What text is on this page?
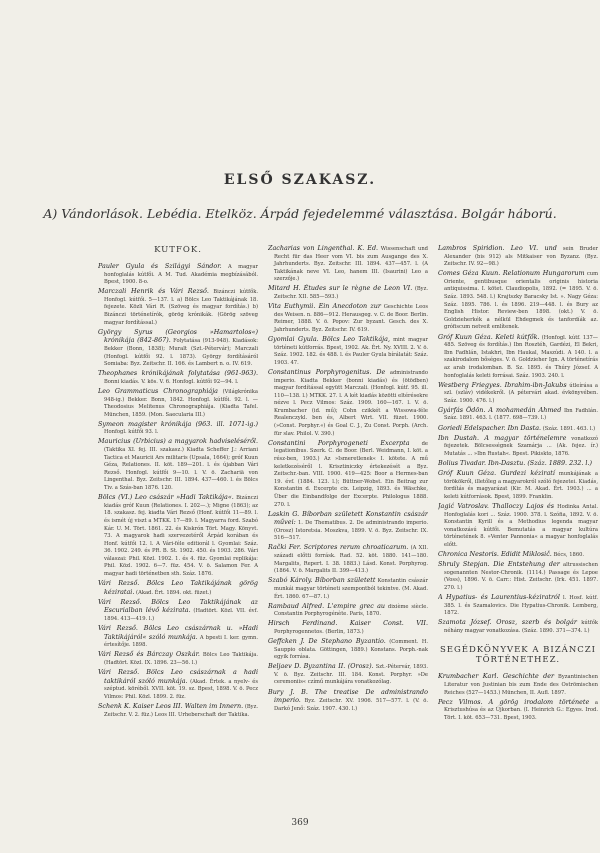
ELSŐ SZAKASZ.
A) Vándorlások. Lebédia. Etelköz. Árpád fejedelemmé választása. Bolgár háború.
KÚTFŐK.

Pauler Gyula és Szilágyi Sándor. A magyar honfoglalás kútfői. A M. Tud. Akadémia megbízásából. Bpest, 1900. 8-o.

Marczali Henrik és Vári Rezső. Bizánczi kútfők. Honfogl. kútfői. 5—137. l. a) Bölcs Leo Taktikájának 18. fejezete. Közli Vári R. (Szöveg és magyar fordítás.) b) Bizánczi történetírók, görög krónikák. (Görög szöveg magyar fordítással.)

György Syrus (Georgios »Hamartolos«) krónikája (842-867). Folytatása (913-948). Kiadások: Bekker (Bonn, 1838); Muralt (Szt.-Pétervár); Marczali (Honfogl. kútfői 92. l. 1873). György fordításáról Somiaba: Byz. Zeitschr. II. 166. és Lambert n. o. IV. 619.

Theophanes krónikájának folytatása (961-963). Bonni kiadás. V. kös. V. 6. Honfogl. kútfői 92—94. l.

Leo Grammaticus Chronographiája (Világkrónika 948-ig.) Bekker. Bonn, 1842. Honfogl. kútfői. 92. l. — Theodosius Melitenus Chronographiája. (Kiadta Tafel. München, 1859. (Mon. Saecularia III.)

Symeon magister krónikája (963. ill. 1071-ig.) Honfogl. kútfői 93. l.

Mauricius (Urbicius) a magyarok hadviseléséről. (Taktika XI. fej. III. szakasz.) Kiadta Scheffer J.: Arriani Tactica et Mauricii Ars militaris (Upsala, 1664); gróf Kuun Géza, Relationes. II. köt. 189—201. l. és újabban Vári Rezső. Honfogl. kútfői 9—10. l. V. ö. Zachariä von Lingenthal. Byz. Zeitschr. III. 1894. 437—460. l. és Bölcs Tiv. a Szás-ban 1876. 120.

Bölcs (VI.) Leo császár »Hadi Taktikája«. Bizánczi kiadás gróf Kuun (Relationes. I. 202—.); Migne (1863); az 18. szakasz. fej. kiadta Vári Rezső (Honf. kútfői 11—89. l. és ismét új viszt a MTKK. 17—89. l. Magyarra ford. Szabó Kár. U. M. Tört. 1861. 22. és Kiskrón Tört. Magy. Könyvt. 73. A magyarok hadi szervezetéről Árpád korában és Honf. kútfői 12. l. A Vári-féle editiorál l. Gyomlai: Száz. 36. 1902. 249. és PR. B. St. 1902. 450. és 1903. 286. Vári válaszai: Phil. Közl. 1902. 1. és 4. füz. Gyomlai replikája: Phil. Közl. 1902. 6—7. füz. 454. V. ö. Salamon Fer. A magyar hadi történetben sth. Száz. 1876.

Vári Rezső. Bölcs Leo Taktikájának görög kéziratai. (Akad. Ért. 1894. okt. füzet.)

Vári Rezső. Bölcs Leo Taktikájának az Escurialban lévő kézirata. (Hadtört. Közl. VII. évf. 1894. 413—419. l.)

Vári Rezső. Bölcs Leo császárnak u. »Hadi Taktikájáról« szóló munkája. A bpesti I. ker. gymn. értesítője. 1898.

Vári Rezső és Bárczay Oszkár. Bölcs Leo Taktikája. (Hadtört. Közl. IX. 1896. 23—56. l.)

Vári Rezső. Bölcs Leo császárnak a hadi taktikáról szóló munkája. (Akad. Értek. a nyelv- és széptud. köréből. XVII. köt. 19. sz. Bpest, 1898. V. ö. Pecz Vilmos: Phil. Közl. 1899. 2. füz.

Schenk K. Kaiser Leos III. Walten im Innern. (Byz. Zeitschr. V. 2. füz.) Leos III. Urheberschaft der Taktika.

Zacharias von Lingenthal. K. Ed. Wissenschaft und Recht für das Heer vom VI. bis zum Ausgange des X. Jahrhunderts. Byz. Zeitschr. III. 1894. 437—457. l. (A Taktikának neve VI. Leo, hanem III. (Isaurini) Leo a szerzője.)

Mitard H. Études sur le règne de Leon VI. (Byz. Zeitschr. XII. 585—593.)

Vita Euthymii. Ein Anecdoton zur Geschichte Leos des Weisen. n. 886—912. Herausgeg. v. C. de Boor. Berlin. Reimer, 1888. V. ö. Popov: Zur byzant. Gesch. des X. Jahrhunderts. Byz. Zeitschr. IV. 619.

Gyomlai Gyula. Bölcs Leo Taktikája, mint magyar történeti kútforrás. Bpest, 1902. Ak. Ért. Ny. XVIII. 2. V. ö. Száz. 1902. 182. és 488. l. és Pauler Gyula bírálatát: Száz. 1903. 47.

Constantinus Porphyrogenitus. De administrando imperio. Kiadta Bekker (bonni kiadás) és (ötödben) magyar fordítással együtt Marczali. (Honfogl. kútf. 95. ill. 110—138. l.) MTKK. 27. l. A két kiadás közötti eltérésekre nézve l. Pecz Vilmos: Száz. 1909. 160—167. l. V. ö. Krumbacher (id. mű); Cohn czikkét a Wissowa-féle Realenczykl. ben és, Albert Wirt. VII. füzet. 1900. (»Const. Porphyr.«) és Goal C. J., Zu Const. Porph. (Arch. für slav. Philol. V. 390.)

Constantini Porphyrogeneti Excerpta de legationibus. Szerk. C. de Boor. (Berl. Weidmann, I. köt. a rész-ben, 1903.) Az »Ismeretlenek« I. kötete. A mű keletkezéséről l. Krisztiniczky értekezését a Byz. Zeitschr.-ban. VIII. 1900. 419—425: Boor a Hermes-ban 19. évf. (1884. 123. l.); Büttner-Wobst. Ein Beitrag zur Konstantin d. Excerpte cix. Leipzig, 1893. és Wäschke, Über die Einbandfolge der Excerpte. Philologus 1888. 270. l.

Laskin G. Bíborban született Konstantin császár művei: 1. De Thematibus. 2. De administrando imperio. (Orosz) Istoretsia. Moszkva, 1899. V. ö. Byz. Zeitschr. IX. 516—517.

Rački Fer. Scriptores rerum chroaticarum. (A XII. századi előtti forrásk. Rad. 52. köt. 1880. 141—180. Margalits, Repert. I. 38. 1883.) Lásd. Konst. Porphyrog. (1864. V. ö. Margalits II. 399—413.)

Szabó Károly. Bíborban született Konstantin császár munkái magyar történeti szempontból tekintve. (M. Akad. Ért. 1860. 67—87. l.)

Rambaud Alfred. L'empire grec au dixième siècle. Constantin Porphyrogénète. Paris, 1870.

Hirsch Ferdinand. Kaiser Const. VII. Porphyrogennetos. (Berlin, 1873.)

Geffcken J. De Stephano Byzantio. (Comment. H. Sauppio oblata. Göttingen, 1889.) Konstans. Porph.-nak egyik forrása.

Beljaev D. Byzantina II. (Orosz). Szt.-Pétervár, 1893. V. ö. Byz. Zeitschr. III. 184. Konst. Porphyr. »De ceremoniis« czímű munkájára vonatkozólag.

Bury J. B. The treatise De administrando imperio. Byz. Zeitschr. XV. 1906. 517—577. l. (V. ö. Darkó Jenő: Száz. 1907. 430. l.)

Lambros Spiridion. Leo VI. und sein Bruder Alexander (bis 912) als Mitkaiser von Byzanz. (Byz. Zeitschr. IV. 92—98.)

Comes Géza Kuun. Relationum Hungarorum cum Oriente, gentibusque orientalis originis historia antiquissima. I. kötet. Claudiopolis, 1892. (= 1895. V. ö. Száz. 1893. 548. l.) Krajtszky Baracsky Ist. ». Nagy Géza: Száz. 1895. 786. l. és 1896. 219—448. l. és Bury az English Histor. Review-ben 1898. (okt.) V. ö. Goldzieherkék a nélkül Ehdegmek és tanfordíák az. grófiscum netveit említenek.

Gróf Kuun Géza. Keleti kútfők. (Honfogl. kútf. 137—485. Szöveg és fordítás.) Ibn Rosztéh, Gardézi, El Bekri, Ibn Fadhlán, Istakhri, Ibn Haukal, Maszúdi. A 140. l. a szakirodalom bőséges. V. ö. Goldzieher Ign. A történetírás az arab irodalomban. B. Sz. 1895. és Thúry József. A honfoglalás keleti forrásai. Száz. 1903. 240. l.

Westberg Friegyes. Ibrahim-ibn-Jakubs útleírása a szl. (szláv) vidékekről. (A pétervári akad. évkönyvében. Száz. 1900. 476. l.)

Gyárfás Ödön. A mohamedán Ahmed Ibn Fadhlán. Száz. 1891. 463. l. (1877. 698—739. l.)

Goriedi Edelspacher. Ibn Dasta. (Száz. 1891. 463. l.)

Ibn Dustah. A magyar történelemre vonatkozó fejezetek. Bölcsességnek Szamárja ... (Ak. fejez. ír.) Mutatás ... »Ibn Rustah«. Bpest. Pikiskto, 1876.

Bolius Tivadar. Ibn-Dasztu. (Száz. 1889. 232. l.)

Gróf Kuun Géza. Gurdezi kéziratí munkájának a törökökről, illetőleg a magyarokról szóló fejezetei. Kiadás, fordítás és magyarázat (Kir. M. Akad. Ért. 1903.) ... a keleti kútforrások. Bpest, 1899. Franklin.

Jagić Vatroslav. Thalloczy Lajos és Hodinka Antal. Honfoglalás kori ... Száz. 1900. 378. l. Szófia, 1892. V. ö. Konstantin Kyrill és a Methodius legenda magyar vonatkozású kútfői. Bemutatás a magyar kultúra történetének 8. »Venter Pannonia« a magyar honfoglalás előtt.

Chronica Nestoris. Edidit Miklosič. Bécs, 1860.

Shruly Stepjan. Die Entstehung der altrussischen sogenannten Nestor-Chronik. (1114.) Passage és Lepoe (Voss), 1896. V. ö. Carr.: Hist. Zeitschr. (Irk. 451. 1897. 270. l.)

A Hypatius- és Laurentius-kéziratról l. Hosf. kútf. 385. l. és Szamalovics. Die Hypatius-Chronik. Lemberg, 1872.

Szamota József. Orosz, szerb és bolgár kútfők néhány magyar vonatkozása. (Száz. 1890. 371—374. l.)

SEGÉDKÖNYVEK A BIZÁNCZI TÖRTÉNETHEZ.

Krumbacher Karl. Geschichte der Byzantinischen Literatur von Justinian bis zum Ende des Oströmischen Reiches (527—1453.) München, II. Aufl. 1897.

Pecz Vilmos. A görög irodalom története a Krisztushúsa és az Újkorban. (I. Heinrich G.: Egyes. Irod. Tört. I. köt. 653—731. Bpest, 1903.

369
